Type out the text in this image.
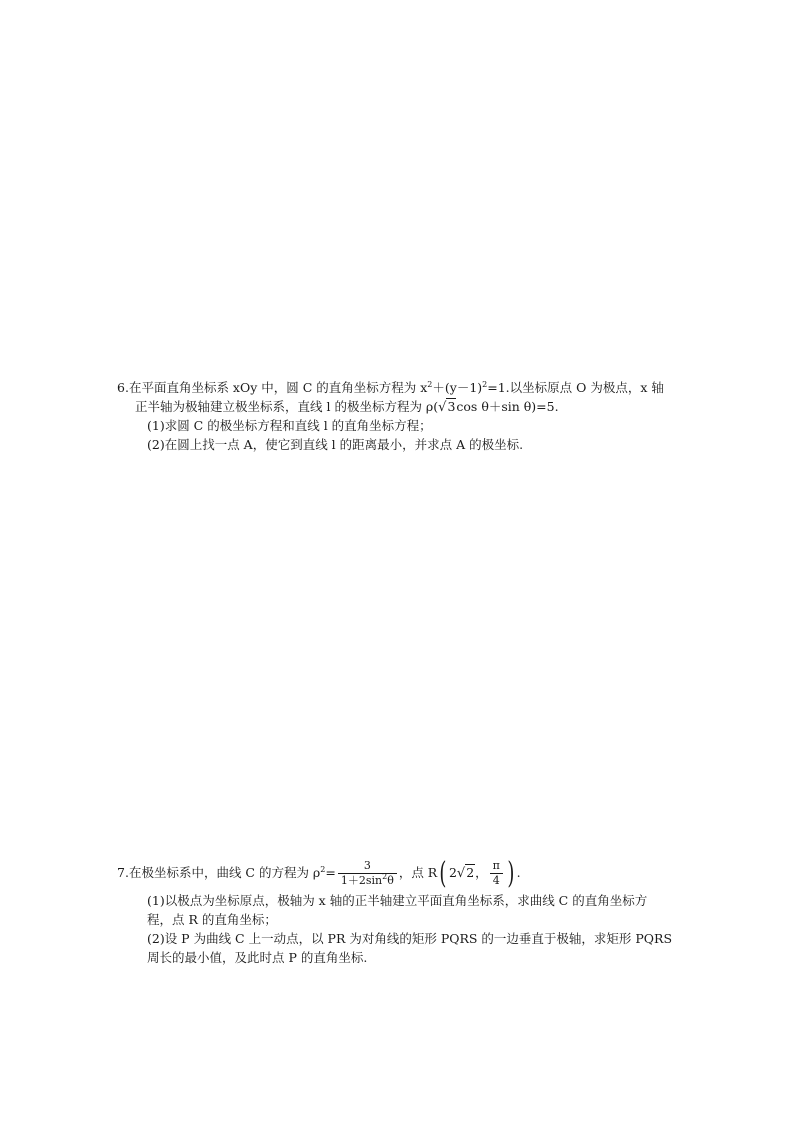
6.在平面直角坐标系 xOy 中，圆 C 的直角坐标方程为 $x^2+(y-1)^2=1$.以坐标原点 O 为极点，x 轴
正半轴为极轴建立极坐标系，直线 l 的极坐标方程为 ρ(√3cos θ＋sin θ)=5.
(1)求圆 C 的极坐标方程和直线 l 的直角坐标方程；
(2)在圆上找一点 A，使它到直线 l 的距离最小，并求点 A 的极坐标.
7.在极坐标系中，曲线 C 的方程为 $\rho^2= \frac{3}{1+2\sin^2\theta}$ ，点 R( 2√2， $\frac{\pi}{4}$ ) .
(1)以极点为坐标原点，极轴为 x 轴的正半轴建立平面直角坐标系，求曲线 C 的直角坐标方
程，点 R 的直角坐标；
(2)设 P 为曲线 C 上一动点，以 PR 为对角线的矩形 PQRS 的一边垂直于极轴，求矩形 PQRS
周长的最小值，及此时点 P 的直角坐标.
